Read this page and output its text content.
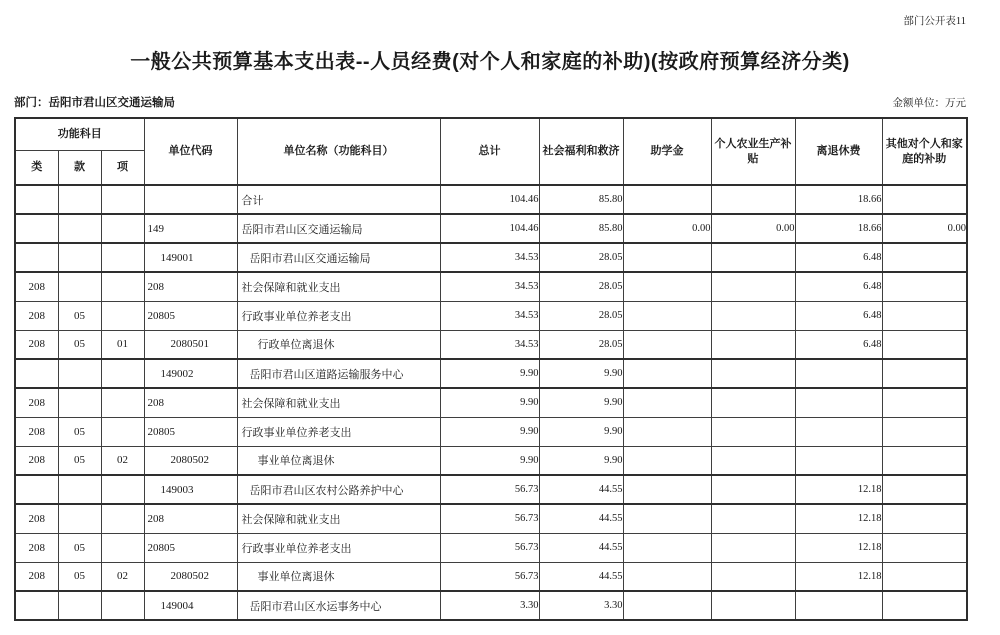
部门公开表11
一般公共预算基本支出表--人员经费(对个人和家庭的补助)(按政府预算经济分类)
部门：岳阳市君山区交通运输局	金额单位：万元
功能科目			单位代码	单位名称（功能科目）	总计	社会福利和救济	助学金	个人农业生产补贴	离退休费	其他对个人和家庭的补助
类	款	项								
				合计	104.46	85.80			18.66	
			149	岳阳市君山区交通运输局	104.46	85.80	0.00	0.00	18.66	0.00
			149001	岳阳市君山区交通运输局	34.53	28.05			6.48	
208			208	社会保障和就业支出	34.53	28.05			6.48	
208	05		20805	行政事业单位养老支出	34.53	28.05			6.48	
208	05	01	2080501	行政单位离退休	34.53	28.05			6.48	
			149002	岳阳市君山区道路运输服务中心	9.90	9.90				
208			208	社会保障和就业支出	9.90	9.90				
208	05		20805	行政事业单位养老支出	9.90	9.90				
208	05	02	2080502	事业单位离退休	9.90	9.90				
			149003	岳阳市君山区农村公路养护中心	56.73	44.55			12.18	
208			208	社会保障和就业支出	56.73	44.55			12.18	
208	05		20805	行政事业单位养老支出	56.73	44.55			12.18	
208	05	02	2080502	事业单位离退休	56.73	44.55			12.18	
			149004	岳阳市君山区水运事务中心	3.30	3.30				
